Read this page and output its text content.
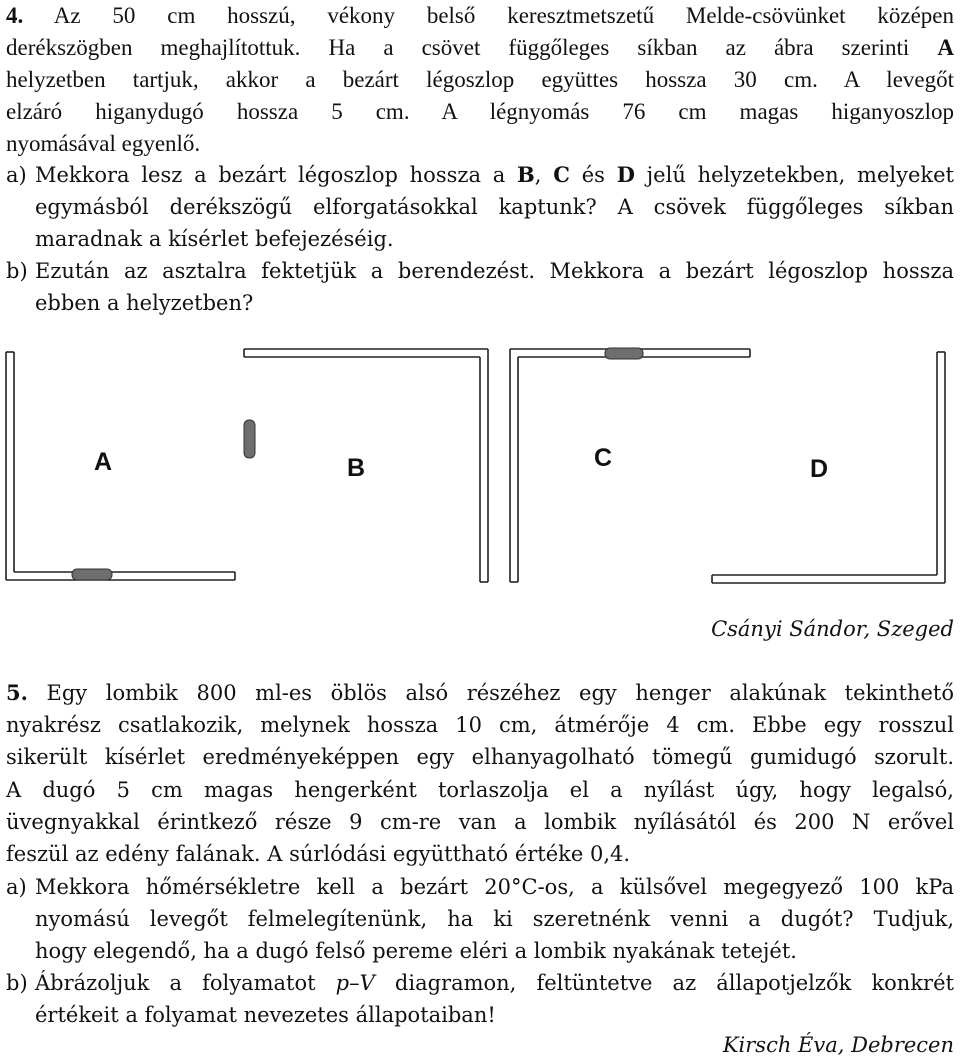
4. Az 50 cm hosszú, vékony belső keresztmetszetű Melde-csövünket középen
derékszögben meghajlítottuk. Ha a csövet függőleges síkban az ábra szerinti A
helyzetben tartjuk, akkor a bezárt légoszlop együttes hossza 30 cm. A levegőt
elzáró higanydugó hossza 5 cm. A légnyomás 76 cm magas higanyoszlop
nyomásával egyenlő.
a) Mekkora lesz a bezárt légoszlop hossza a B, C és D jelű helyzetekben, melyeket
egymásból derékszögű elforgatásokkal kaptunk? A csövek függőleges síkban
maradnak a kísérlet befejezéséig.
b) Ezután az asztalra fektetjük a berendezést. Mekkora a bezárt légoszlop hossza
ebben a helyzetben?
A	B	C	D
Csányi Sándor, Szeged
5. Egy lombik 800 ml-es öblös alsó részéhez egy henger alakúnak tekinthető
nyakrész csatlakozik, melynek hossza 10 cm, átmérője 4 cm. Ebbe egy rosszul
sikerült kísérlet eredményeképpen egy elhanyagolható tömegű gumidugó szorult.
A dugó 5 cm magas hengerként torlaszolja el a nyílást úgy, hogy legalsó,
üvegnyakkal érintkező része 9 cm-re van a lombik nyílásától és 200 N erővel
feszül az edény falának. A súrlódási együttható értéke 0,4.
a) Mekkora hőmérsékletre kell a bezárt 20°C-os, a külsővel megegyező 100 kPa
nyomású levegőt felmelegítenünk, ha ki szeretnénk venni a dugót? Tudjuk,
hogy elegendő, ha a dugó felső pereme eléri a lombik nyakának tetejét.
b) Ábrázoljuk a folyamatot p–V diagramon, feltüntetve az állapotjelzők konkrét
értékeit a folyamat nevezetes állapotaiban!
Kirsch Éva, Debrecen
